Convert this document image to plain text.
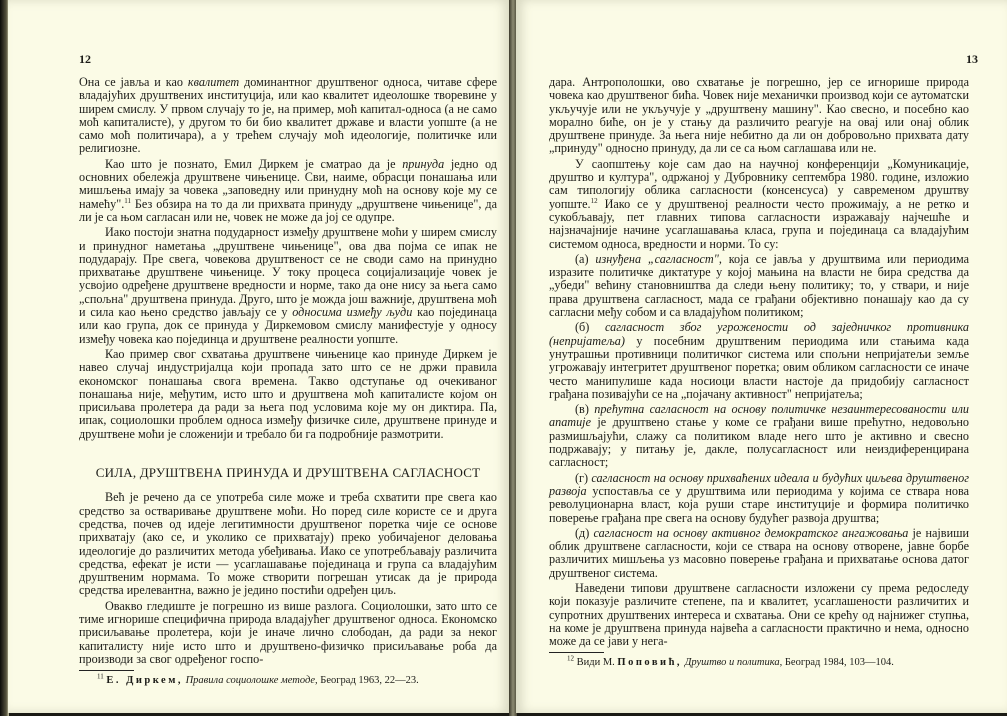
12

Она се јавља и као квалитет доминантног друштвеног односа, читаве сфере владајућих друштвених институција, или као квалитет идеолошке творевине у ширем смислу. У првом случају то је, на пример, моћ капитал-односа (а не само моћ капиталисте), у другом то би био квалитет државе и власти уопште (а не само моћ политичара), а у трећем случају моћ идеологије, политичке или религиозне.

Као што је познато, Емил Диркем је сматрао да је принуда једно од основних обележја друштвене чињенице. Сви, наиме, обрасци понашања или мишљења имају за човека „заповедну или принудну моћ на основу које му се намећу".$^{11}$ Без обзира на то да ли прихвата принуду „друштвене чињенице", да ли је са њом сагласан или не, човек не може да јој се одупре.

Иако постоји знатна подударност између друштвене моћи у ширем смислу и принудног наметања „друштвене чињенице", ова два појма се ипак не подударају. Пре свега, човекова друштвеност се не своди само на принудно прихватање друштвене чињенице. У току процеса социјализације човек је усвојио одређене друштвене вредности и норме, тако да оне нису за њега само „спољна" друштвена принуда. Друго, што је можда још важније, друштвена моћ и сила као њено средство јављају се у односима између људи као појединаца или као група, док се принуда у Диркемовом смислу манифестује у односу између човека као појединца и друштвене реалности уопште.

Као пример свог схватања друштвене чињенице као принуде Диркем је навео случај индустријалца који пропада зато што се не држи правила економског понашања свога времена. Такво одступање од очекиваног понашања није, међутим, исто што и друштвена моћ капиталисте којом он присиљава пролетера да ради за њега под условима које му он диктира. Па, ипак, социолошки проблем односа између физичке силе, друштвене принуде и друштвене моћи је сложенији и требало би га подробније размотрити.

СИЛА, ДРУШТВЕНА ПРИНУДА И ДРУШТВЕНА САГЛАСНОСТ

Већ је речено да се употреба силе може и треба схватити пре свега као средство за остваривање друштвене моћи. Но поред силе користе се и друга средства, почев од идеје легитимности друштвеног поретка чије се основе прихватају (ако се, и уколико се прихватају) преко уобичајеног деловања идеологије до различитих метода убеђивања. Иако се употребљавају различита средства, ефекат је исти — усаглашавање појединаца и група са владајућим друштвеним нормама. То може створити погрешан утисак да је природа средства ирелевантна, важно је једино постићи одређен циљ.

Овакво гледиште је погрешно из више разлога. Социолошки, зато што се тиме игнорише специфична природа владајућег друштвеног односа. Економско присиљавање пролетера, који је иначе лично слободан, да ради за неког капиталисту није исто што и друштвено-физичко присиљавање роба да производи за свог одређеног госпо-

$^{11}$ Е. Диркем, Правила социолошке методе, Београд 1963, 22—23.
13

дара. Антрополошки, ово схватање је погрешно, јер се игнорише природа човека као друштвеног бића. Човек није механички производ који се аутоматски укључује или не укључује у „друштвену машину". Као свесно, и посебно као морално биће, он је у стању да различито реагује на овај или онај облик друштвене принуде. За њега није небитно да ли он добровољно прихвата дату „принуду" односно принуду, да ли се са њом саглашава или не.

У саопштењу које сам дао на научној конференцији „Комуникације, друштво и култура", одржаној у Дубровнику септембра 1980. године, изложио сам типологију облика сагласности (консенсуса) у савременом друштву уопште.$^{12}$ Иако се у друштвеној реалности често прожимају, а не ретко и сукобљавају, пет главних типова сагласности изражавају најчешће и најзначајније начине усаглашавања класа, група и појединаца са владајућим системом односа, вредности и норми. То су:

(а) изнуђена „сагласност", која се јавља у друштвима или периодима изразите политичке диктатуре у којој мањина на власти не бира средства да „убеди" већину становништва да следи њену политику; то, у ствари, и није права друштвена сагласност, мада се грађани објективно понашају као да су сагласни међу собом и са владајућом политиком;

(б) сагласност због угрожености од заједничког противника (непријатеља) у посебним друштвеним периодима или стањима када унутрашњи противници политичког система или спољни непријатељи земље угрожавају интегритет друштвеног поретка; овим обликом сагласности се иначе често манипулише када носиоци власти настоје да придобију сагласност грађана позивајући се на „појачану активност" непријатеља;

(в) прећутна сагласност на основу политичке незаинтересованости или апатије је друштвено стање у коме се грађани више прећутно, недовољно размишљајући, слажу са политиком владе него што је активно и свесно подржавају; у питању је, дакле, полусагласност или неиздиференцирана сагласност;

(г) сагласност на основу прихваћених идеала и будућих циљева друштвеног развоја успоставља се у друштвима или периодима у којима се ствара нова револуционарна власт, која руши старе институције и формира политичко поверење грађана пре свега на основу будућег развоја друштва;

(д) сагласност на основу активног демократског ангажовања је највиши облик друштвене сагласности, који се ствара на основу отворене, јавне борбе различитих мишљења уз масовно поверење грађана и прихватање основа датог друштвеног система.

Наведени типови друштвене сагласности изложени су према редоследу који показује различите степене, па и квалитет, усаглашености различитих и супротних друштвених интереса и схватања. Они се крећу од најнижег ступња, на коме је друштвена принуда највећа а сагласности практично и нема, односно може да се јави у нега-

$^{12}$ Види М. Поповић, Друштво и политика, Београд 1984, 103—104.
